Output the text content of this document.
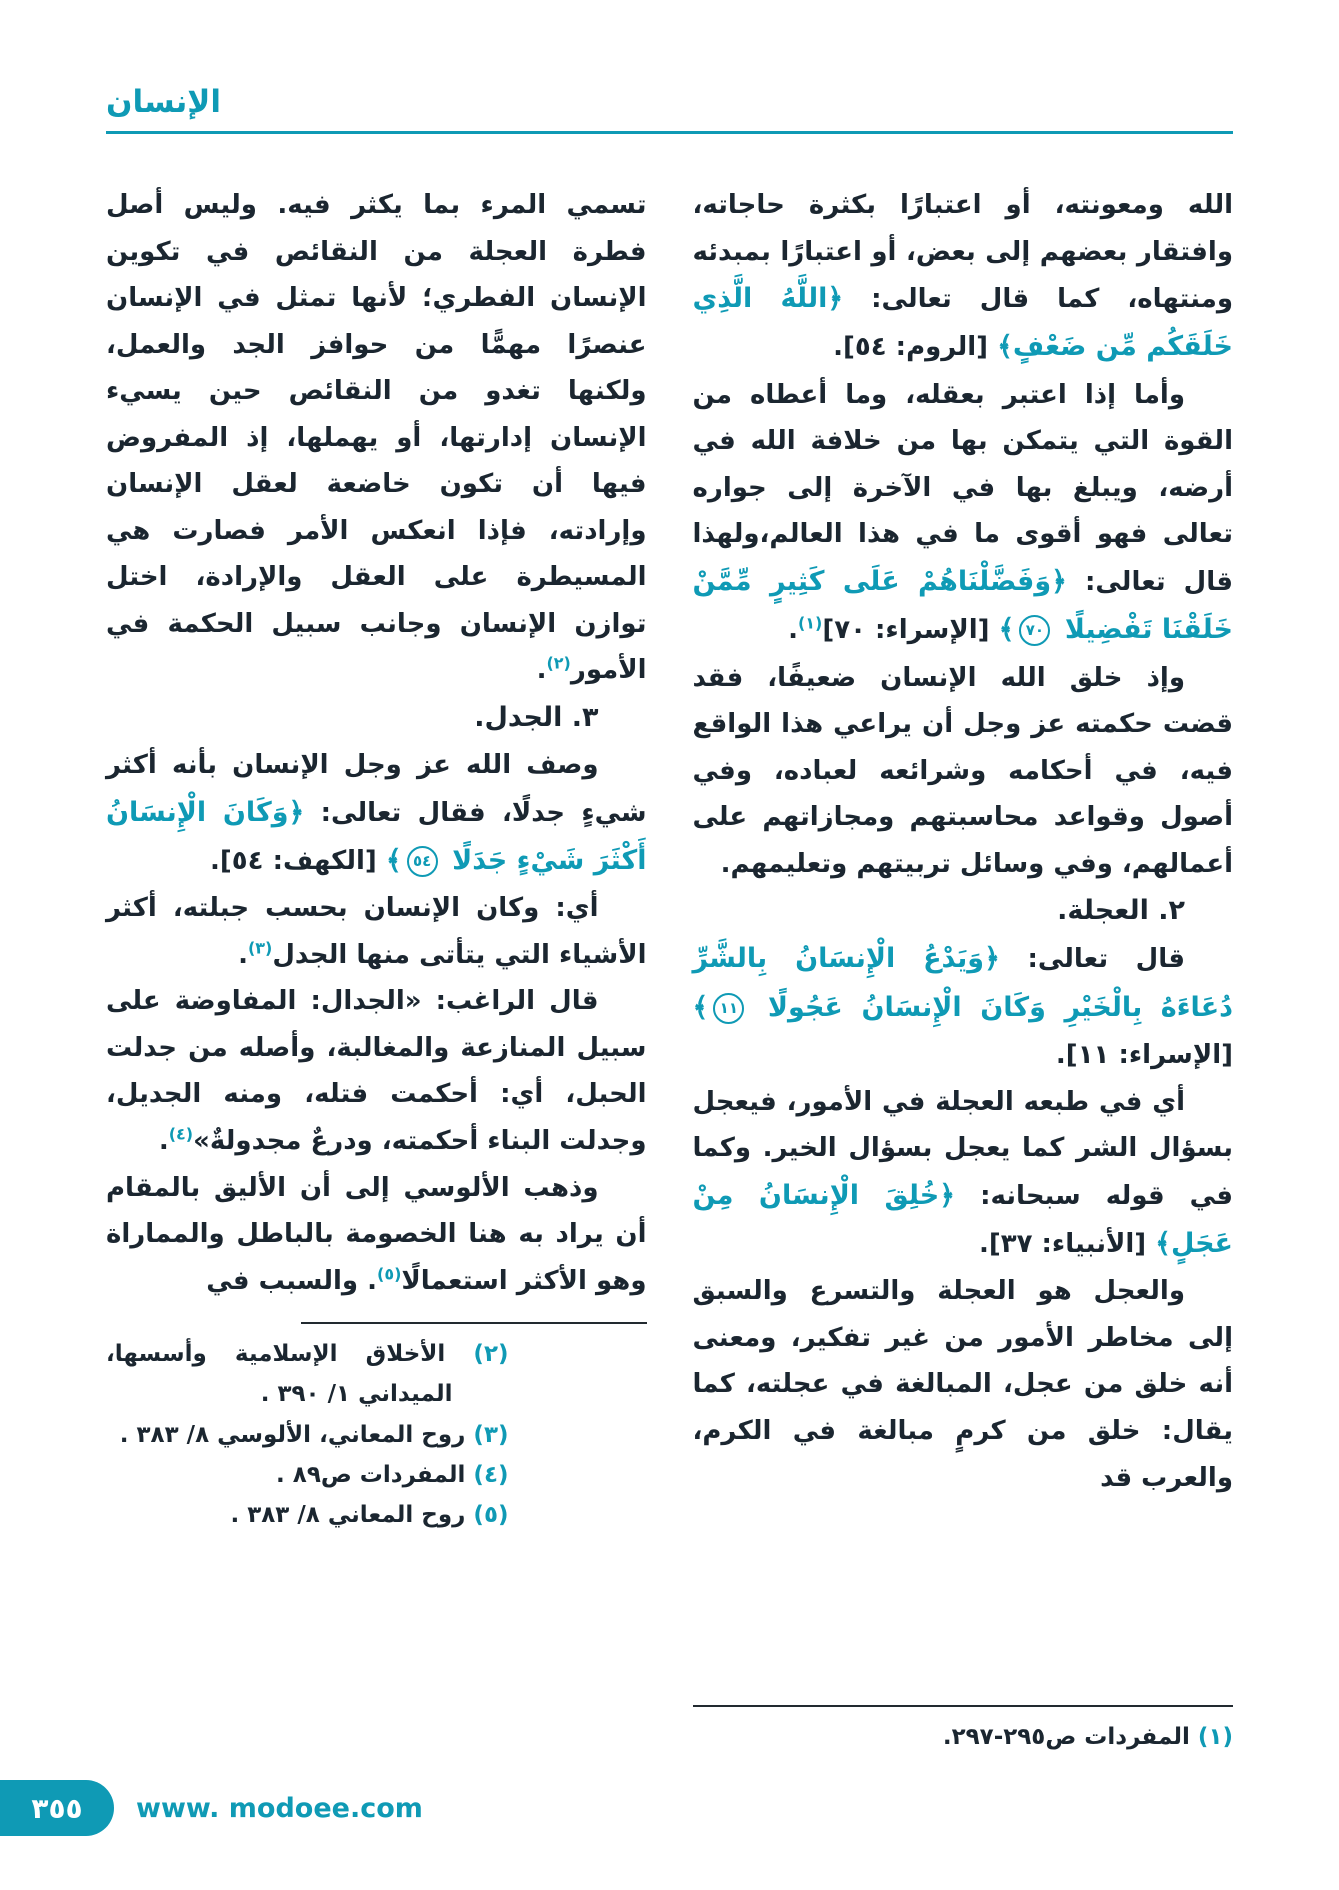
الإنسان

الله ومعونته، أو اعتبارًا بكثرة حاجاته، وافتقار بعضهم إلى بعض، أو اعتبارًا بمبدئه ومنتهاه، كما قال تعالى: ﴿اللَّهُ الَّذِي خَلَقَكُم مِّن ضَعْفٍ﴾ [الروم: ٥٤].

وأما إذا اعتبر بعقله، وما أعطاه من القوة التي يتمكن بها من خلافة الله في أرضه، ويبلغ بها في الآخرة إلى جواره تعالى فهو أقوى ما في هذا العالم،ولهذا قال تعالى: ﴿وَفَضَّلْنَاهُمْ عَلَى كَثِيرٍ مِّمَّنْ خَلَقْنَا تَفْضِيلًا ٧٠﴾ [الإسراء: ٧٠]$^{(١)}$.

وإذ خلق الله الإنسان ضعيفًا، فقد قضت حكمته عز وجل أن يراعي هذا الواقع فيه، في أحكامه وشرائعه لعباده، وفي أصول وقواعد محاسبتهم ومجازاتهم على أعمالهم، وفي وسائل تربيتهم وتعليمهم.

٢. العجلة.

قال تعالى: ﴿وَيَدْعُ الْإِنسَانُ بِالشَّرِّ دُعَاءَهُ بِالْخَيْرِ وَكَانَ الْإِنسَانُ عَجُولًا ١١﴾ [الإسراء: ١١].

أي في طبعه العجلة في الأمور، فيعجل بسؤال الشر كما يعجل بسؤال الخير. وكما في قوله سبحانه: ﴿خُلِقَ الْإِنسَانُ مِنْ عَجَلٍ﴾ [الأنبياء: ٣٧].

والعجل هو العجلة والتسرع والسبق إلى مخاطر الأمور من غير تفكير، ومعنى أنه خلق من عجل، المبالغة في عجلته، كما يقال: خلق من كرمٍ مبالغة في الكرم، والعرب قد

(١) المفردات ص٢٩٥-٢٩٧.

تسمي المرء بما يكثر فيه. وليس أصل فطرة العجلة من النقائص في تكوين الإنسان الفطري؛ لأنها تمثل في الإنسان عنصرًا مهمًّا من حوافز الجد والعمل، ولكنها تغدو من النقائص حين يسيء الإنسان إدارتها، أو يهملها، إذ المفروض فيها أن تكون خاضعة لعقل الإنسان وإرادته، فإذا انعكس الأمر فصارت هي المسيطرة على العقل والإرادة، اختل توازن الإنسان وجانب سبيل الحكمة في الأمور$^{(٢)}$.

٣. الجدل.

وصف الله عز وجل الإنسان بأنه أكثر شيءٍ جدلًا، فقال تعالى: ﴿وَكَانَ الْإِنسَانُ أَكْثَرَ شَيْءٍ جَدَلًا ٥٤﴾ [الكهف: ٥٤].

أي: وكان الإنسان بحسب جبلته، أكثر الأشياء التي يتأتى منها الجدل$^{(٣)}$.

قال الراغب: «الجدال: المفاوضة على سبيل المنازعة والمغالبة، وأصله من جدلت الحبل، أي: أحكمت فتله، ومنه الجديل، وجدلت البناء أحكمته، ودرعٌ مجدولةٌ»$^{(٤)}$.

وذهب الألوسي إلى أن الأليق بالمقام أن يراد به هنا الخصومة بالباطل والمماراة وهو الأكثر استعمالًا$^{(٥)}$. والسبب في

(٢) الأخلاق الإسلامية وأسسها، الميداني ١/ ٣٩٠ .
(٣) روح المعاني، الألوسي ٨/ ٣٨٣ .
(٤) المفردات ص٨٩ .
(٥) روح المعاني ٨/ ٣٨٣ .
٣٥٥ www. modoee.com
